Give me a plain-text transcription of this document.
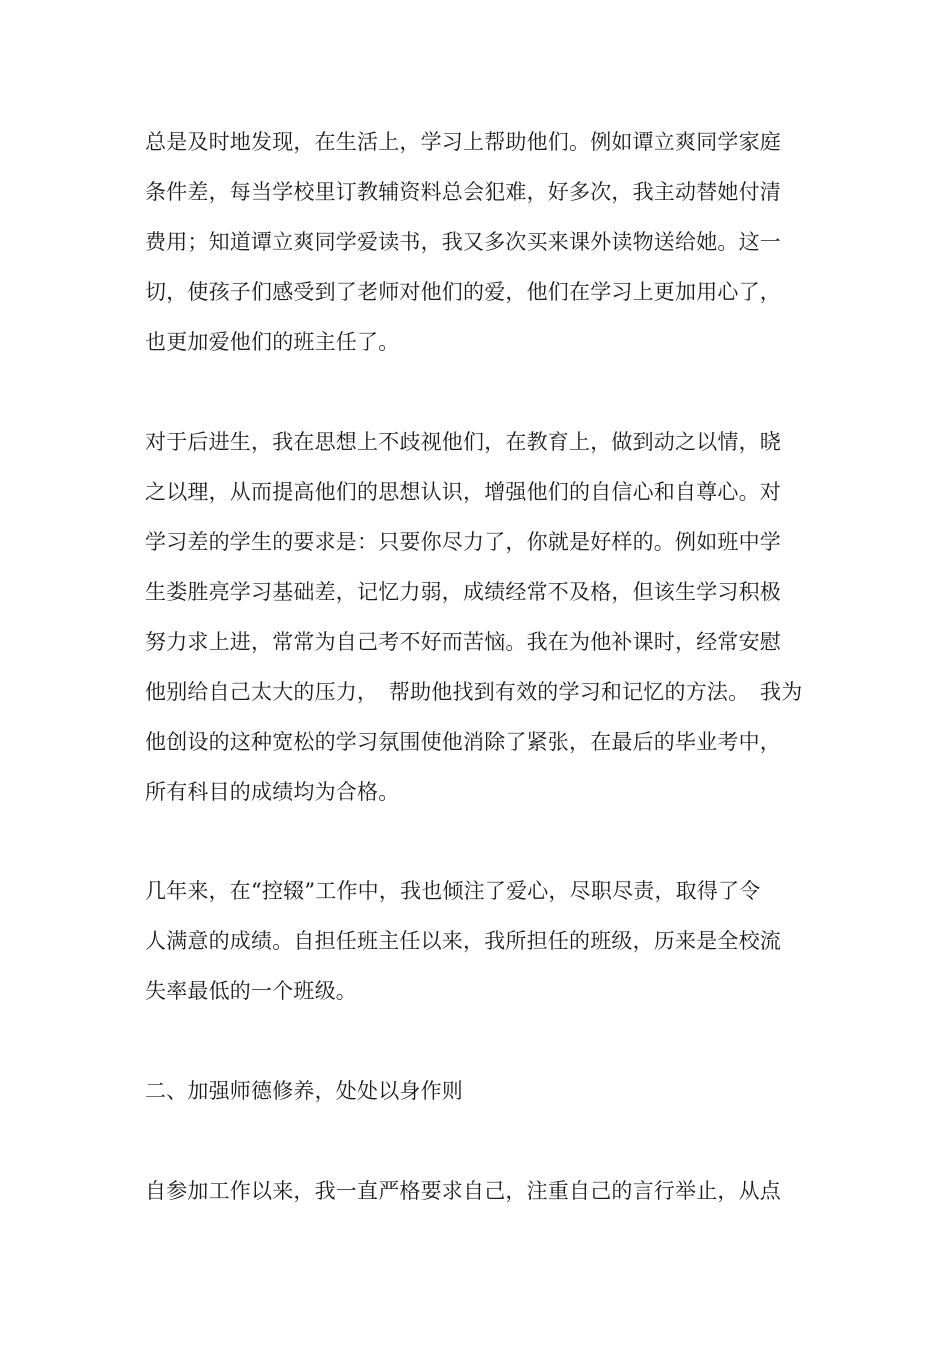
总是及时地发现，在生活上，学习上帮助他们。例如谭立爽同学家庭
条件差，每当学校里订教辅资料总会犯难，好多次，我主动替她付清
费用；知道谭立爽同学爱读书，我又多次买来课外读物送给她。这一
切，使孩子们感受到了老师对他们的爱，他们在学习上更加用心了，
也更加爱他们的班主任了。
对于后进生，我在思想上不歧视他们，在教育上，做到动之以情，晓
之以理，从而提高他们的思想认识，增强他们的自信心和自尊心。对
学习差的学生的要求是：只要你尽力了，你就是好样的。例如班中学
生娄胜亮学习基础差，记忆力弱，成绩经常不及格，但该生学习积极
努力求上进，常常为自己考不好而苦恼。我在为他补课时，经常安慰
他别给自己太大的压力，　帮助他找到有效的学习和记忆的方法。　我为
他创设的这种宽松的学习氛围使他消除了紧张，在最后的毕业考中，
所有科目的成绩均为合格。
几年来，在“控辍”工作中，我也倾注了爱心，尽职尽责，取得了令
人满意的成绩。自担任班主任以来，我所担任的班级，历来是全校流
失率最低的一个班级。
二、加强师德修养，处处以身作则
自参加工作以来，我一直严格要求自己，注重自己的言行举止，从点
